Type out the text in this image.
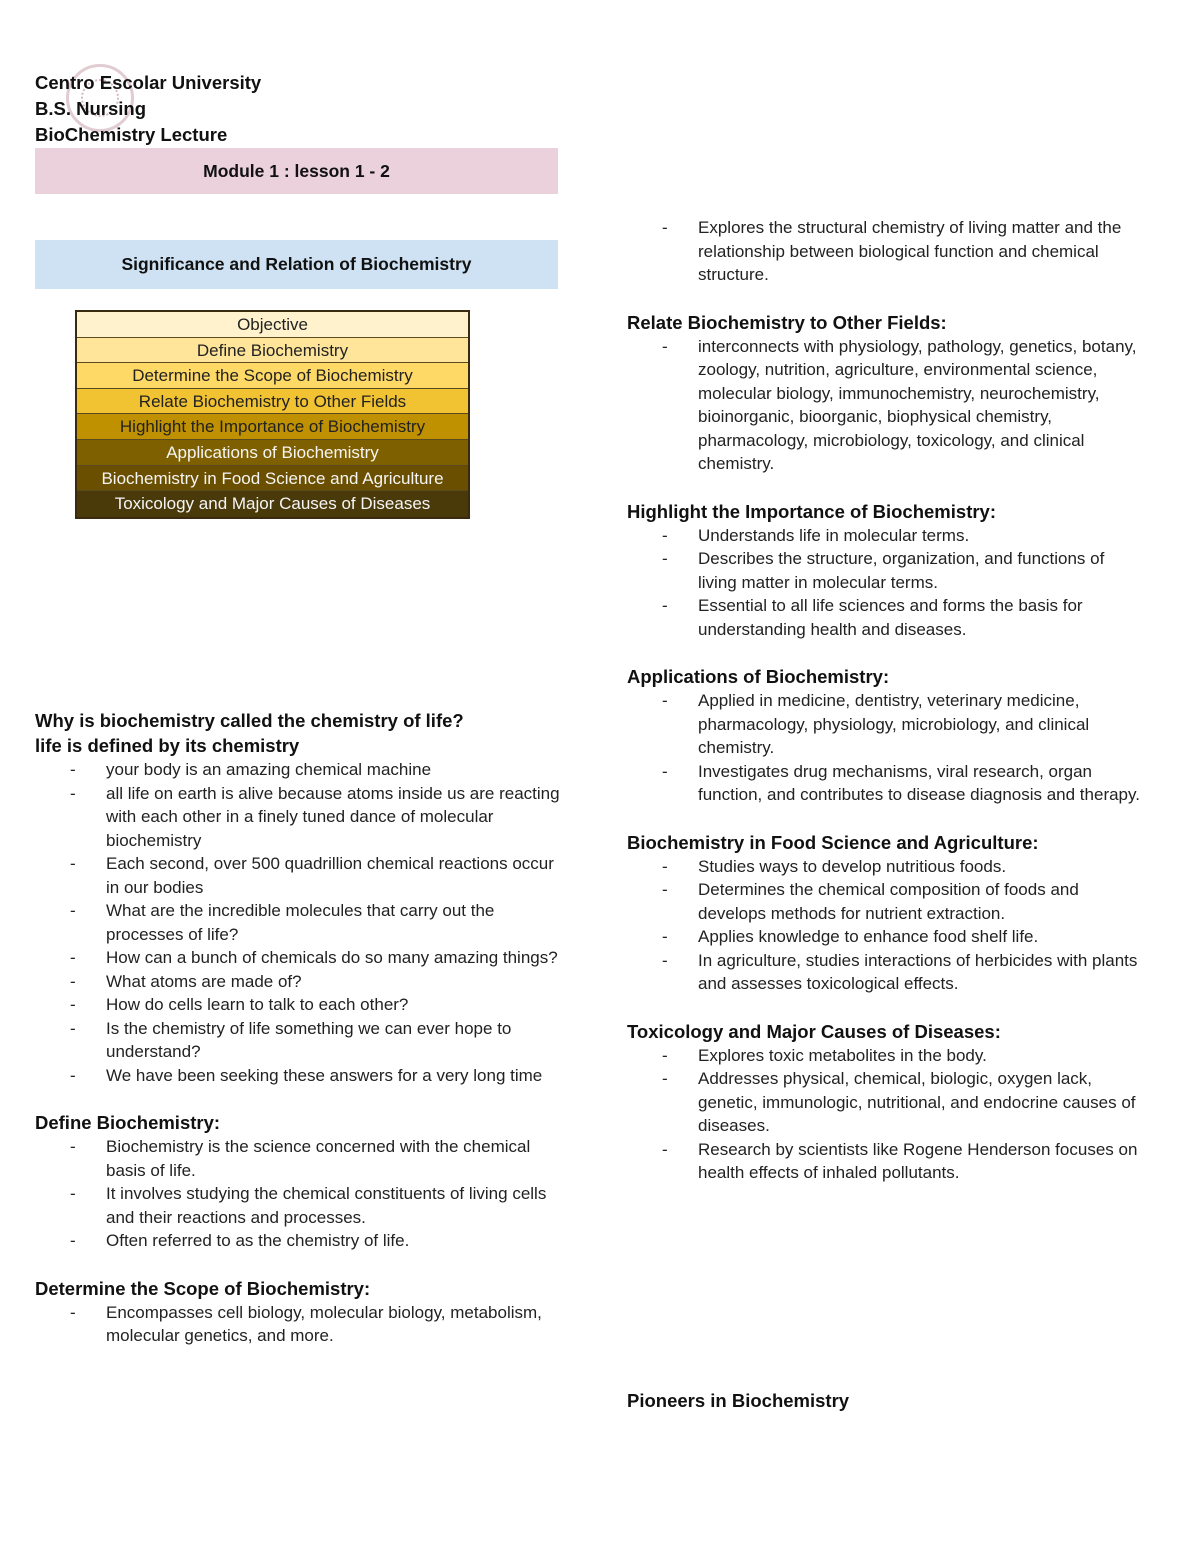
Centro Escolar University
B.S. Nursing
BioChemistry Lecture
Module 1 : lesson 1 - 2
Significance and Relation of Biochemistry
Objective
Define Biochemistry
Determine the Scope of Biochemistry
Relate Biochemistry to Other Fields
Highlight the Importance of Biochemistry
Applications of Biochemistry
Biochemistry in Food Science and Agriculture
Toxicology and Major Causes of Diseases
Why is biochemistry called the chemistry of life?
life is defined by its chemistry
- your body is an amazing chemical machine
- all life on earth is alive because atoms inside us are reacting with each other in a finely tuned dance of molecular biochemistry
- Each second, over 500 quadrillion chemical reactions occur in our bodies
- What are the incredible molecules that carry out the processes of life?
- How can a bunch of chemicals do so many amazing things?
- What atoms are made of?
- How do cells learn to talk to each other?
- Is the chemistry of life something we can ever hope to understand?
- We have been seeking these answers for a very long time
Define Biochemistry:
- Biochemistry is the science concerned with the chemical basis of life.
- It involves studying the chemical constituents of living cells and their reactions and processes.
- Often referred to as the chemistry of life.
Determine the Scope of Biochemistry:
- Encompasses cell biology, molecular biology, metabolism, molecular genetics, and more.
- Explores the structural chemistry of living matter and the relationship between biological function and chemical structure.
Relate Biochemistry to Other Fields:
- interconnects with physiology, pathology, genetics, botany, zoology, nutrition, agriculture, environmental science, molecular biology, immunochemistry, neurochemistry, bioinorganic, bioorganic, biophysical chemistry, pharmacology, microbiology, toxicology, and clinical chemistry.
Highlight the Importance of Biochemistry:
- Understands life in molecular terms.
- Describes the structure, organization, and functions of living matter in molecular terms.
- Essential to all life sciences and forms the basis for understanding health and diseases.
Applications of Biochemistry:
- Applied in medicine, dentistry, veterinary medicine, pharmacology, physiology, microbiology, and clinical chemistry.
- Investigates drug mechanisms, viral research, organ function, and contributes to disease diagnosis and therapy.
Biochemistry in Food Science and Agriculture:
- Studies ways to develop nutritious foods.
- Determines the chemical composition of foods and develops methods for nutrient extraction.
- Applies knowledge to enhance food shelf life.
- In agriculture, studies interactions of herbicides with plants and assesses toxicological effects.
Toxicology and Major Causes of Diseases:
- Explores toxic metabolites in the body.
- Addresses physical, chemical, biologic, oxygen lack, genetic, immunologic, nutritional, and endocrine causes of diseases.
- Research by scientists like Rogene Henderson focuses on health effects of inhaled pollutants.
Pioneers in Biochemistry
